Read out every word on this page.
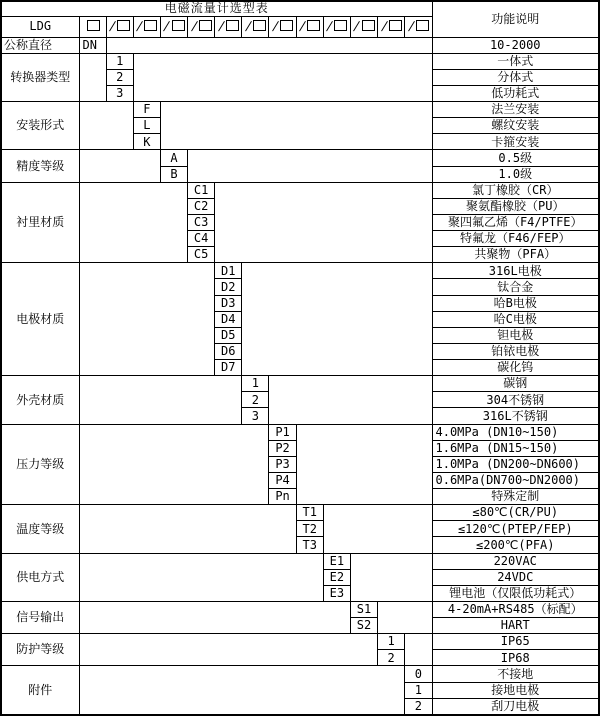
电磁流量计选型表														功能说明
LDG		/	/	/	/	/	/	/	/	/	/	/	/	
公称直径	DN													10-2000
转换器类型		1												一体式
		2												分体式
		3												低功耗式
安装形式			F											法兰安装
			L											螺纹安装
			K											卡箍安装
精度等级				A										0.5级
				B										1.0级
衬里材质					C1									氯丁橡胶（CR）
					C2									聚氨酯橡胶（PU）
					C3									聚四氟乙烯（F4/PTFE）
					C4									特氟龙（F46/FEP）
					C5									共聚物（PFA）
电极材质						D1								316L电极
						D2								钛合金
						D3								哈B电极
						D4								哈C电极
						D5								钽电极
						D6								铂铱电极
						D7								碳化钨
外壳材质							1							碳钢
							2							304不锈钢
							3							316L不锈钢
压力等级								P1						4.0MPa (DN10~150)
								P2						1.6MPa (DN15~150)
								P3						1.0MPa (DN200~DN600)
								P4						0.6MPa(DN700~DN2000)
								Pn						特殊定制
温度等级									T1					≤80℃(CR/PU)
									T2					≤120℃(PTEP/FEP)
									T3					≤200℃(PFA)
供电方式										E1				220VAC
										E2				24VDC
										E3				锂电池（仅限低功耗式）
信号输出											S1			4-20mA+RS485（标配）
											S2			HART
防护等级												1		IP65
												2		IP68
附件													0	不接地
													1	接地电极
													2	刮刀电极
